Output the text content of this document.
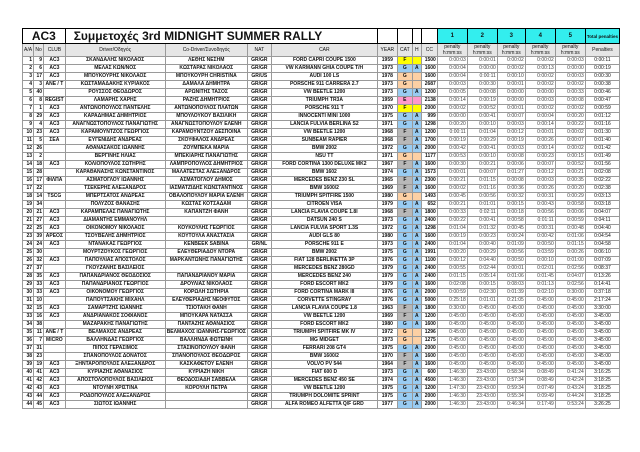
AC3			Συμμετοχές 3rd MIDNIGHT SUMMER RALLY								1	2	3	4	5	Total penalties
A/A	No	CLUB	Driver/Οδηγός	Co-Driver/Συνοδηγός	NAT	CAR	YEAR	CAT	H	CC	penalty h:mm:ss	penalty h:mm:ss	penalty h:mm:ss	penalty h:mm:ss	penalty h:mm:ss	Penalties
1	9	AC3	ΣΚΑΝΔΑΛΗΣ ΝΙΚΟΛΑΟΣ	ΛΕΘΗΣ ΝΕΣΗΜ	GR/GR	FORD CAPRI COUPE 1500	1959	F		1500	0:00:03	0:00:01	0:00:02	0:00:02	0:00:03	0:00:11
2	6	AC3	ΜΕΛΑΣ ΚΩΝ/ΝΟΣ	ΚΩΣΤΑΡΑΣ ΝΙΚΟΛΑΟΣ	GR/GR	VW KARMANN GHIA COUPE T/H	1973	G	A	1600	0:00:04	0:00:00	0:00:02	0:00:13	0:00:00	0:00:19
3	17	AC3	ΜΠΟΥΚΟΥΡΗΣ ΝΙΚΟΛΑΟΣ	ΜΠΟΥΚΟΥΡΗ CHRISTINA	GR/US	AUDI 100 LS	1978	G		1600	0:00:04	0:00:11	0:00:10	0:00:02	0:00:03	0:00:30
4	3	ΑΝΕ / Τ	ΚΩΣΤΑΜΑΔΑΚΗΣ ΚΥΡΙΑΚΟΣ	ΔΑΜΑΛΑ ΔΗΜΗΤΡΑ	GR/GR	PORSCHE 911 CARRERA 2.7	1973	G		2687	0:00:03	0:00:30	0:00:01	0:00:02	0:00:02	0:00:38
5	40		ΡΟΥΣΣΟΣ ΘΕΟΔΩΡΟΣ	ΑΡΩΝΙΤΗΣ ΤΑΣΟΣ	GR/GR	VW BEETLE 1200	1973	G	A	1200	0:00:05	0:00:08	0:00:00	0:00:00	0:00:33	0:00:46
6	8	REGIST	ΛΑΜΑΡΗΣ ΧΑΡΗΣ	ΡΑΖΗΣ ΔΗΜΗΤΡΙΟΣ	GR/GR	TRIUMPH TR3A	1959	E		2138	0:00:14	0:00:19	0:00:00	0:00:03	0:00:08	0:00:47
7	1	AC3	ΑΝΤΩΝΟΠΟΥΛΟΣ ΠΑΝΤΕΛΗΣ	ΑΝΤΩΝΟΠΟΥΛΟΣ ΠΛΑΤΩΝ	GR/GR	PORSCHE 911 T	1970	F		2000	0:00:02	0:00:52	0:00:01	0:00:02	0:00:02	0:00:59
8	29	AC3	ΚΑΡΑΔΗΜΑΣ ΔΗΜΗΤΡΙΟΣ	ΜΠΟΥΛΟΥΚΟΥ ΒΑΣΙΛΙΚΗ	GR/GR	INNOCENTI MINI 1000	1975	G	A	999	0:00:00	0:00:41	0:00:07	0:00:04	0:00:20	0:01:12
9	4	AC3	ΑΝΑΓΝΩΣΤΟΠΟΥΛΟΣ ΠΑΝΑΓΙΩΤΗΣ	ΑΝΑΓΝΩΣΤΟΠΟΥΛΟΥ ΕΛΕΝΗ	GR/GR	LANCIA FULVIA BERLINA S2	1971	G	A	1298	0:00:20	0:00:10	0:00:03	0:00:14	0:00:22	0:01:16
10	23	AC3	ΚΑΡΑΜΟΥΝΤΖΟΣ ΓΕΩΡΓΙΟΣ	ΚΑΡΑΜΟΥΝΤΖΟΥ ΔΕΣΠΟΙΝΑ	GR/GR	VW BEETLE 1200	1968	F	A	1200	0:00:11	0:01:04	0:00:12	0:00:01	0:00:02	0:01:30
11	5	ΣΕΑ	ΕΥΓΕΝΙΔΗΣ ΑΝΔΡΕΑΣ	ΣΚΟΥΦΑΛΟΣ ΑΝΔΡΕΑΣ	GR/GR	SUNBEAM RAPIER	1968	F	A	1700	0:00:19	0:00:29	0:00:19	0:00:26	0:00:07	0:01:40
12	26		ΑΘΑΝΑΣΑΚΟΣ ΙΩΑΝΝΗΣ	ΖΟΥΜΠΕΚΑ ΜΑΡΙΑ	GR/GR	BMW 2002	1972	G	A	2000	0:00:42	0:00:41	0:00:03	0:00:14	0:00:02	0:01:42
13	2		ΒΕΡΓΙΝΗΣ ΗΛΙΑΣ	ΜΠΕΚΙΑΡΗΣ ΠΑΝΑΓΙΩΤΗΣ	GR/GR	NSU TT	1971	G		1177	0:00:53	0:00:10	0:00:08	0:00:23	0:00:15	0:01:49
14	18	AC3	ΚΟΛΙΟΠΟΥΛΟΣ ΣΩΤΗΡΗΣ	ΛΑΜΠΡΟΠΟΥΛΟΣ ΔΗΜΗΤΡΙΟΣ	GR/GR	FORD CORTINA 1300 DELUXE MK2	1967	F	A	1600	0:00:30	0:00:21	0:00:06	0:00:07	0:00:52	0:01:56
15	28		ΚΑΡΑΘΑΝΑΣΗΣ ΚΩΝΣΤΑΝΤΙΝΟΣ	ΜΑΛΑΤΕΣΤΑΣ ΑΛΕΞΑΝΔΡΟΣ	GR/GR	BMW 1602	1974	G	A	1573	0:00:01	0:00:07	0:01:27	0:00:12	0:00:21	0:02:08
16	17	ΦΙΛΠΑ	ΑΣΜΑΤΟΓΛΟΥ ΙΩΑΝΝΗΣ	ΑΣΜΑΤΟΓΛΟΥ ΔΗΜΟΣ	GR/GR	MERCEDES BENZ 230 SL	1965	F	A	2300	0:00:21	0:01:15	0:00:08	0:00:03	0:00:35	0:02:22
17	22		ΤΣΕΚΕΡΗΣ ΑΛΕΞΑΝΔΡΟΣ	ΙΑΣΜΑΤΖΙΔΗΣ ΚΩΝΣΤΑΝΤΙΝΟΣ	GR/GR	BMW 1600/2	1969	F	A	1600	0:00:02	0:01:16	0:00:36	0:00:26	0:00:20	0:02:38
18	14	TSCG	ΜΠΕΡΤΣΑΤΟΣ ΑΝΔΡΕΑΣ	ΟΒΑΛΟΠΟΥΛΟΥ ΜΑΡΙΑ ΕΛΕΝΗ	GR/GR	TRIUMPH SPITFIRE 1500	1980	G		1493	0:00:45	0:00:56	0:00:32	0:00:31	0:00:29	0:03:13
19	34		ΠΟΛΥΖΟΣ ΘΑΝΑΣΗΣ	ΚΩΣΤΑΣ ΚΟΤΣΑΔΑΜ	GR/GR	CITROEN VISA	1979	G	A	652	0:00:21	0:01:01	0:00:15	0:00:43	0:00:58	0:03:18
20	21	AC3	ΚΑΡΑΜΠΕΛΑΣ ΠΑΝΑΓΙΩΤΗΣ	ΚΑΠΑΝΤΖΗ ΦΑΝΗ	GR/GR	LANCIA FLAVIA COUPE 1.8I	1968	F	A	1800	0:00:33	0:02:11	0:00:18	0:00:56	0:00:06	0:04:07
21	27	AC3	ΔΙΑΜΑΝΤΗΣ ΕΜΜΑΝΟΥΗΛ		GR/GR	DATSUN 240 S	1973	G	A	2400	0:00:22	0:00:41	0:00:58	0:01:11	0:00:59	0:04:11
22	25	AC3	ΟΙΚΟΝΟΜΟΥ ΝΙΚΟΛΑΟΣ	ΚΟΥΚΟΥΛΗΣ ΓΕΩΡΓΙΟΣ	GR/GR	LANCIA FULVIA SPORT 1.3S	1972	G	A	1298	0:01:04	0:01:32	0:00:45	0:00:31	0:00:48	0:04:40
23	39	ΑΡΕΟΣ	ΤΣΟΥΒΕΛΗΣ ΔΗΜΗΤΡΙΟΣ	ΚΟΥΤΟΥΛΑ ΑΝΑΣΤΑΣΙΑ	GR/GR	AUDI GLS 80	1980	G	A	1600	0:00:19	0:00:23	0:00:24	0:00:42	0:01:06	0:04:54
24	24	AC3	ΝΤΑΝΑΚΑΣ ΓΕΩΡΓΙΟΣ	KENBEEK SABINA	GR/NL	PORSCHE 911 E	1973	G	A	2400	0:01:04	0:00:40	0:01:09	0:00:50	0:01:15	0:04:58
25	30		ΜΟΥΡΤΖΟΥΚΟΣ ΓΕΩΡΓΙΟΣ	ΕΛΕΥΘΕΡΙΑΔΟΥ ΝΤΟΡΑ	GR/GR	BMW 2002	1975	G	A	1991	0:00:20	0:00:29	0:00:56	0:03:59	0:00:26	0:06:10
26	32	AC3	ΠΑΠΟΥΛΙΑΣ ΑΠΟΣΤΟΛΟΣ	ΜΑΡΚΑΝΤΩΝΗΣ ΠΑΝΑΓΙΩΤΗΣ	GR/GR	FIAT 128 BERLINETTA 3P	1976	G	A	1100	0:00:12	0:04:40	0:00:50	0:00:10	0:01:00	0:07:09
27	37		ΓΚΟΥΖΑΝΗΣ ΒΑΣΙΛΕΙΟΣ		GR/GR	MERCEDES BENZ 280GD	1979	G	A	2400	0:00:55	0:02:44	0:00:01	0:02:01	0:02:56	0:08:37
28	35	AC3	ΠΑΠΑΝΔΡΙΑΝΟΣ ΘΕΟΔΟΣΙΟΣ	ΠΑΠΑΝΔΡΙΑΝΟΥ ΜΑΡΙΑ	GR/GR	MERCEDES BENZ 240	1979	G	A	2400	0:01:15	0:05:14	0:01:06	0:01:45	0:04:07	0:13:26
29	33	AC3	ΠΑΠΑΝΔΡΙΑΝΟΣ ΓΕΩΡΓΙΟΣ	ΔΡΟΥΛΙΑΣ ΝΙΚΟΛΑΟΣ	GR/GR	FORD ESCORT MK2	1979	G	A	1600	0:02:08	0:00:15	0:08:03	0:01:13	0:02:56	0:14:41
30	33	AC3	ΟΙΚΟΝΟΜΟΥ ΓΕΩΡΓΙΟΣ	ΚΟΡΩΛΗ ΣΩΤΗΡΙΑ	GR/GR	FORD CORTINA MARK III	1976	G	A	2000	0:00:59	0:02:30	0:01:39	0:02:10	0:30:00	0:37:18
31	10		ΠΑΠΟΥΤΣΑΚΗΣ ΜΙΧΑΗΛ	ΕΛΕΥΘΕΡΙΑΔΗΣ ΝΕΟΦΥΤΟΣ	GR/GR	CORVETTE STINGRAY	1976	G	A	5000	0:25:18	0:01:01	0:21:05	0:45:00	0:45:00	2:17:24
32	15	AC3	ΣΑΜΑΡΤΖΗΣ ΙΩΑΝΝΗΣ	ΤΣΙΟΤΑΚΗ ΦΑΝΗ	GR/GR	LANCIA FLAVIA COUPE 1.8	1963	F	A	1800	0:30:00	0:45:00	0:45:00	0:45:00	0:45:00	3:30:00
33	16	AC3	ΑΝΔΡΙΑΝΑΚΟΣ ΣΟΦΙΑΝΟΣ	ΜΠΟΥΚΑΡΑ ΝΑΤΑΣΣΑ	GR/GR	VW BEETLE 1200	1969	F	A	1200	0:45:00	0:45:00	0:45:00	0:45:00	0:45:00	3:45:00
34	38		ΜΑΖΑΡΑΚΗΣ ΠΑΝΑΓΙΩΤΗΣ	ΠΑΝΤΑΖΗΣ ΑΘΑΝΑΣΙΟΣ	GR/GR	FORD ESCORT MK2	1980	G	A	1600	0:45:00	0:45:00	0:45:00	0:45:00	0:45:00	3:45:00
35	11	ΑΝΕ / Τ	ΒΕΛΜΑΧΟΣ ΑΝΔΡΕΑΣ	ΒΕΛΜΑΧΟΣ ΙΩΑΝΝΗΣ-ΓΕΩΡΓΙΟΣ	GR/GR	TRIUMPH SPITFIRE MK IV	1972	G		1296	0:45:00	0:45:00	0:45:00	0:45:00	0:45:00	3:45:00
36	7	MICRO	ΒΑΛΛΗΝΔΑΣ ΓΕΩΡΓΙΟΣ	ΒΑΛΛΗΝΔΑ ΦΩΤΕΙΝΗ	GR/GR	MG MIDGET	1973	G		1275	0:45:00	0:45:00	0:45:00	0:45:00	0:45:00	3:45:00
37	31		ΠΙΠΟΣ ΓΕΡΑΣΙΜΟΣ	ΣΤΑΣΙΝΟΠΟΥΛΟΥ ΦΑΝΗ	GR/GR	FERRARI 208 GT4	1975	G	A	2000	0:45:00	0:45:00	0:45:00	0:45:00	0:45:00	3:45:00
38	23		ΣΠΑΝΟΠΟΥΛΟΣ ΔΟΝΑΤΟΣ	ΣΠΑΝΟΠΟΥΛΟΣ ΘΕΟΔΩΡΟΣ	GR/GR	BMW 1600/2	1970	F	A	1600	0:45:00	0:45:00	0:45:00	0:45:00	0:45:00	3:45:00
39	19	AC3	ΞΗΝΤΑΡΟΠΟΥΛΟΣ ΑΛΕΞΑΝΔΡΟΣ	ΚΑΣΚΑΦΕΤΟΥ ΕΛΕΝΗ	GR/GR	VOLVO PV 544	1964	F	A	1600	0:45:00	0:45:00	0:45:00	0:45:00	0:45:00	3:45:00
40	41	AC3	ΚΥΡΙΑΖΗΣ ΑΘΑΝΑΣΙΟΣ	ΚΥΡΙΑΖΗ ΝΙΚΗ	GR/GR	FIAT 600 D	1973	G	A	600	1:46:30	23:43:00	0:58:34	0:08:49	0:41:24	3:16:25
41	42	AC3	ΑΠΟΣΤΟΛΟΠΟΥΛΟΣ ΒΑΣΙΛΕΙΟΣ	ΘΕΟΔΟΣΙΑΔΗ ΣΑΒΒΕΛΑ	GR/GR	MERCEDES BENZ 450 SE	1974	G	A	4500	1:46:30	23:43:00	0:57:34	0:08:49	0:42:24	3:18:25
42	43	AC3	ΝΤΟΥΝΗ ΧΡΙΣΤΙΝΑ	ΚΟΡΟΥΛΗ ΠΕΤΡΑ	GR/GR	VW BEETLE 1200	1975	G	A	1200	1:47:30	23:43:00	0:59:34	0:07:49	0:43:24	3:18:25
43	44	AC3	ΡΟΔΟΠΟΥΛΟΣ ΑΛΕΞΑΝΔΡΟΣ		GR/GR	TRIUMPH DOLOMITE SPRINT	1975	G	A	2000	1:46:30	23:43:00	0:55:34	0:09:49	0:44:24	3:18:25
44	45	AC3	ΣΙΩΤΟΣ ΙΩΑΝΝΗΣ		GR/GR	ALFA ROMEO ALFETTA Q/F GRD	1977	G	A	2000	1:46:30	23:43:00	0:46:34	0:17:49	0:53:24	3:26:25
